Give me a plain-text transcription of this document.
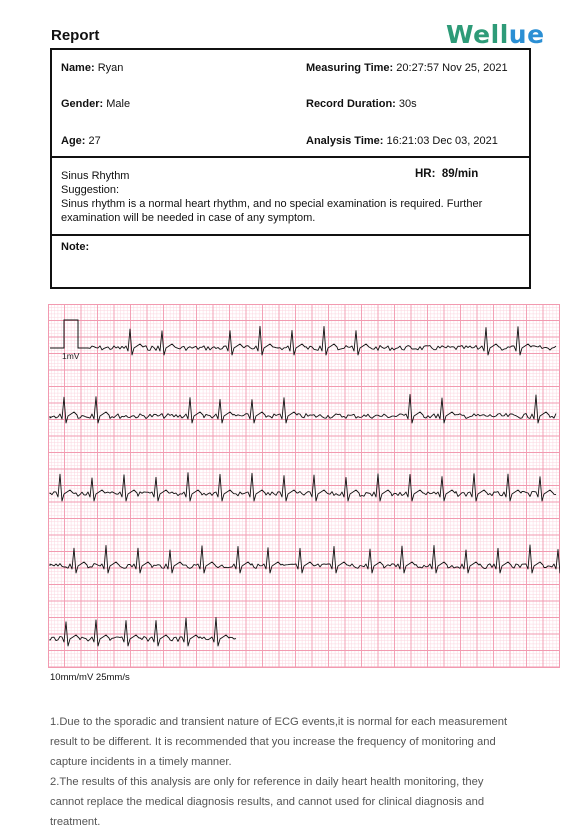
Report	Wellue
Name: Ryan
Gender: Male
Age: 27
Measuring Time: 20:27:57 Nov 25, 2021
Record Duration: 30s
Analysis Time: 16:21:03 Dec 03, 2021
Sinus Rhythm	HR: 89/min
Suggestion:
Sinus rhythm is a normal heart rhythm, and no special examination is required. Further
examination will be needed in case of any symptom.
Note:
1mV
10mm/mV 25mm/s
1.Due to the sporadic and transient nature of ECG events,it is normal for each measurement
result to be different. It is recommended that you increase the frequency of monitoring and
capture incidents in a timely manner.
2.The results of this analysis are only for reference in daily heart health monitoring, they
cannot replace the medical diagnosis results, and cannot used for clinical diagnosis and
treatment.
